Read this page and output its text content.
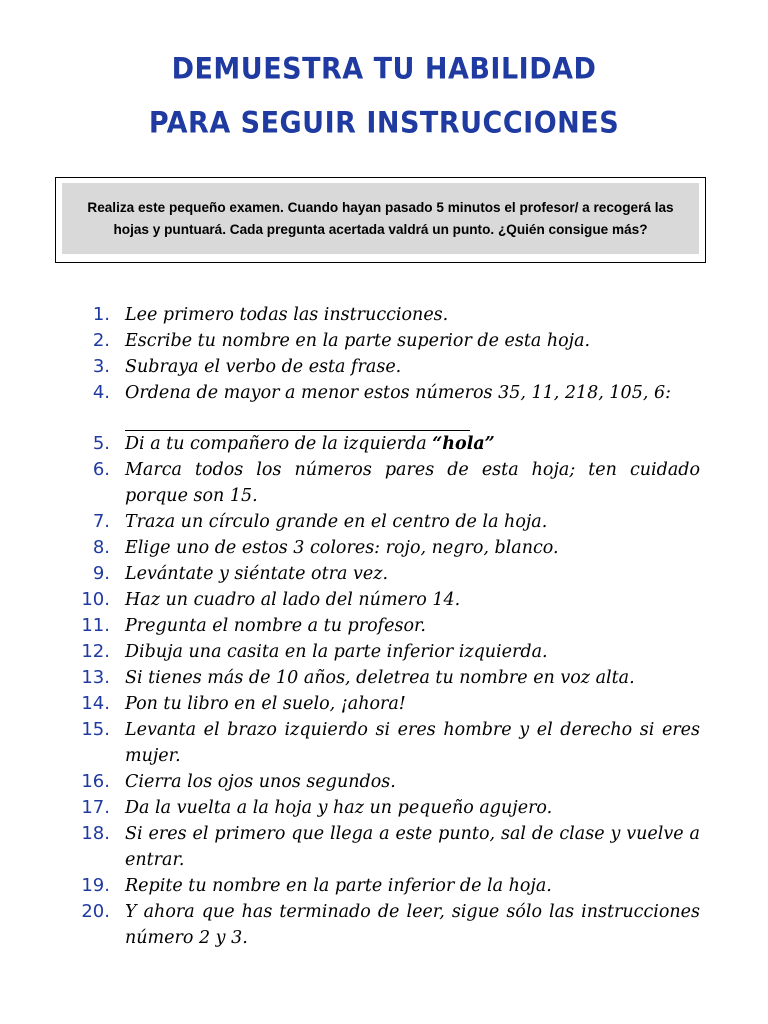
DEMUESTRA TU HABILIDAD
PARA SEGUIR INSTRUCCIONES
Realiza este pequeño examen. Cuando hayan pasado 5 minutos el profesor/ a recogerá las hojas y puntuará. Cada pregunta acertada valdrá un punto. ¿Quién consigue más?
1. Lee primero todas las instrucciones.
2. Escribe tu nombre en la parte superior de esta hoja.
3. Subraya el verbo de esta frase.
4. Ordena de mayor a menor estos números 35, 11, 218, 105, 6:
5. Di a tu compañero de la izquierda “hola”
6. Marca todos los números pares de esta hoja; ten cuidado porque son 15.
7. Traza un círculo grande en el centro de la hoja.
8. Elige uno de estos 3 colores: rojo, negro, blanco.
9. Levántate y siéntate otra vez.
10. Haz un cuadro al lado del número 14.
11. Pregunta el nombre a tu profesor.
12. Dibuja una casita en la parte inferior izquierda.
13. Si tienes más de 10 años, deletrea tu nombre en voz alta.
14. Pon tu libro en el suelo, ¡ahora!
15. Levanta el brazo izquierdo si eres hombre y el derecho si eres mujer.
16. Cierra los ojos unos segundos.
17. Da la vuelta a la hoja y haz un pequeño agujero.
18. Si eres el primero que llega a este punto, sal de clase y vuelve a entrar.
19. Repite tu nombre en la parte inferior de la hoja.
20. Y ahora que has terminado de leer, sigue sólo las instrucciones número 2 y 3.
